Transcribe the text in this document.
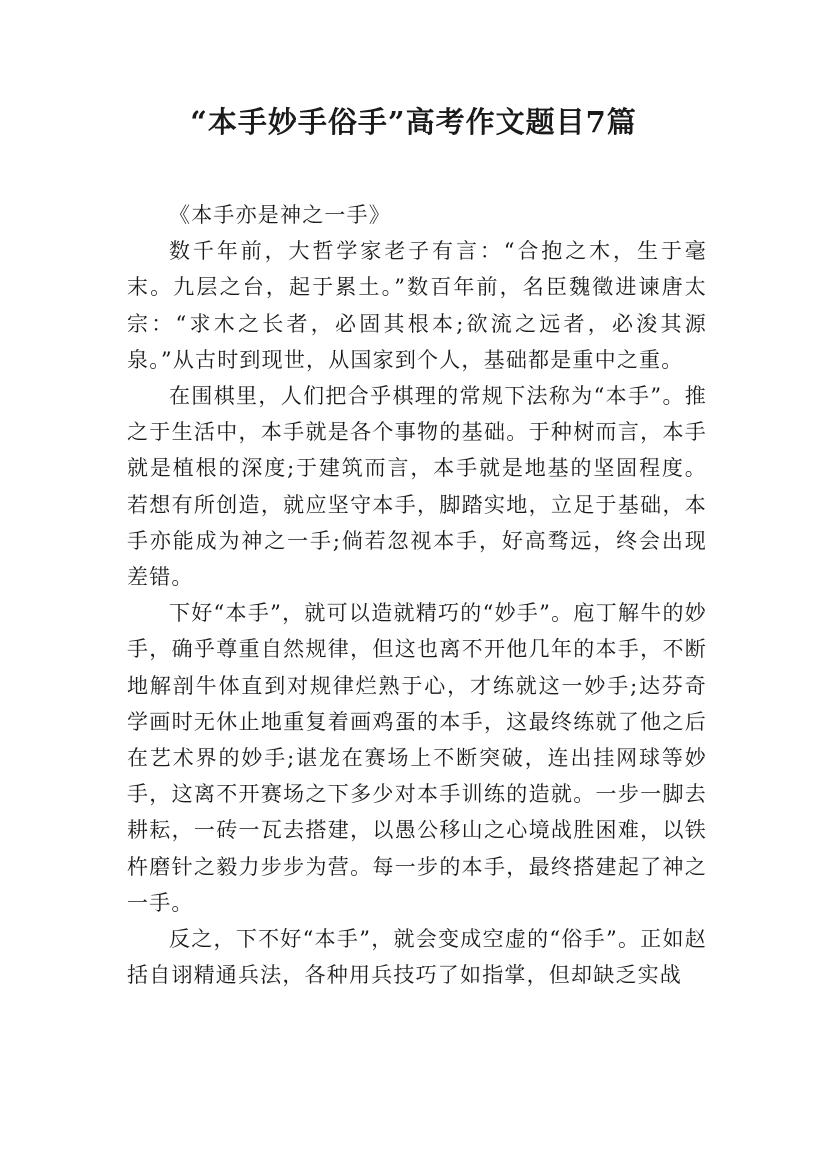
“本手妙手俗手”高考作文题目7篇

《本手亦是神之一手》

数千年前，大哲学家老子有言：“合抱之木，生于毫末。九层之台，起于累土。”数百年前，名臣魏徵进谏唐太宗：“求木之长者，必固其根本;欲流之远者，必浚其源泉。”从古时到现世，从国家到个人，基础都是重中之重。

在围棋里，人们把合乎棋理的常规下法称为“本手”。推之于生活中，本手就是各个事物的基础。于种树而言，本手就是植根的深度;于建筑而言，本手就是地基的坚固程度。若想有所创造，就应坚守本手，脚踏实地，立足于基础，本手亦能成为神之一手;倘若忽视本手，好高骛远，终会出现差错。

下好“本手”，就可以造就精巧的“妙手”。庖丁解牛的妙手，确乎尊重自然规律，但这也离不开他几年的本手，不断地解剖牛体直到对规律烂熟于心，才练就这一妙手;达芬奇学画时无休止地重复着画鸡蛋的本手，这最终练就了他之后在艺术界的妙手;谌龙在赛场上不断突破，连出挂网球等妙手，这离不开赛场之下多少对本手训练的造就。一步一脚去耕耘，一砖一瓦去搭建，以愚公移山之心境战胜困难，以铁杵磨针之毅力步步为营。每一步的本手，最终搭建起了神之一手。

反之，下不好“本手”，就会变成空虚的“俗手”。正如赵括自诩精通兵法，各种用兵技巧了如指掌，但却缺乏实战
